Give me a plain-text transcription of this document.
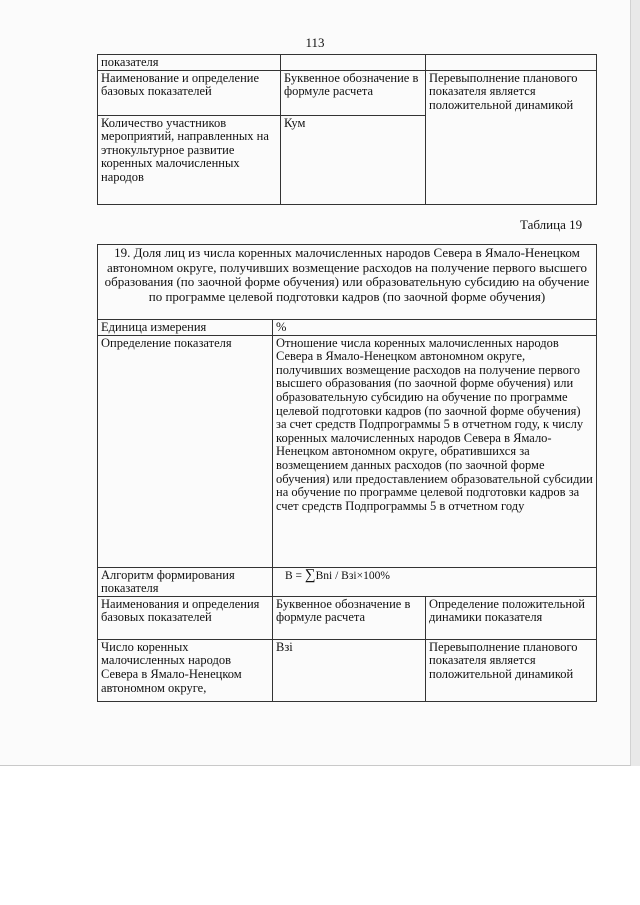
113
показателя		
Наименование и определение базовых показателей	Буквенное обозначение в формуле расчета	Перевыполнение планового показателя является положительной динамикой
Количество участников мероприятий, направленных на этнокультурное развитие коренных малочисленных народов	Кум	
Таблица 19
19. Доля лиц из числа коренных малочисленных народов Севера в Ямало-Ненецком автономном округе, получивших возмещение расходов на получение первого высшего образования (по заочной форме обучения) или образовательную субсидию на обучение по программе целевой подготовки кадров (по заочной форме обучения)		
Единица измерения	%	
Определение показателя	Отношение числа коренных малочисленных народов Севера в Ямало-Ненецком автономном округе, получивших возмещение расходов на получение первого высшего образования (по заочной форме обучения) или образовательную субсидию на обучение по программе целевой подготовки кадров (по заочной форме обучения) за счет средств Подпрограммы 5 в отчетном году, к числу коренных малочисленных народов Севера в Ямало-Ненецком автономном округе, обратившихся за возмещением данных расходов (по заочной форме обучения) или предоставлением образовательной субсидии на обучение по программе целевой подготовки кадров за счет средств Подпрограммы 5 в отчетном году	
Алгоритм формирования показателя	В = ∑Вni / Взi×100%	
Наименования и определения базовых показателей	Буквенное обозначение в формуле расчета	Определение положительной динамики показателя
Число коренных малочисленных народов Севера в Ямало-Ненецком автономном округе,	Взi	Перевыполнение планового показателя является положительной динамикой
